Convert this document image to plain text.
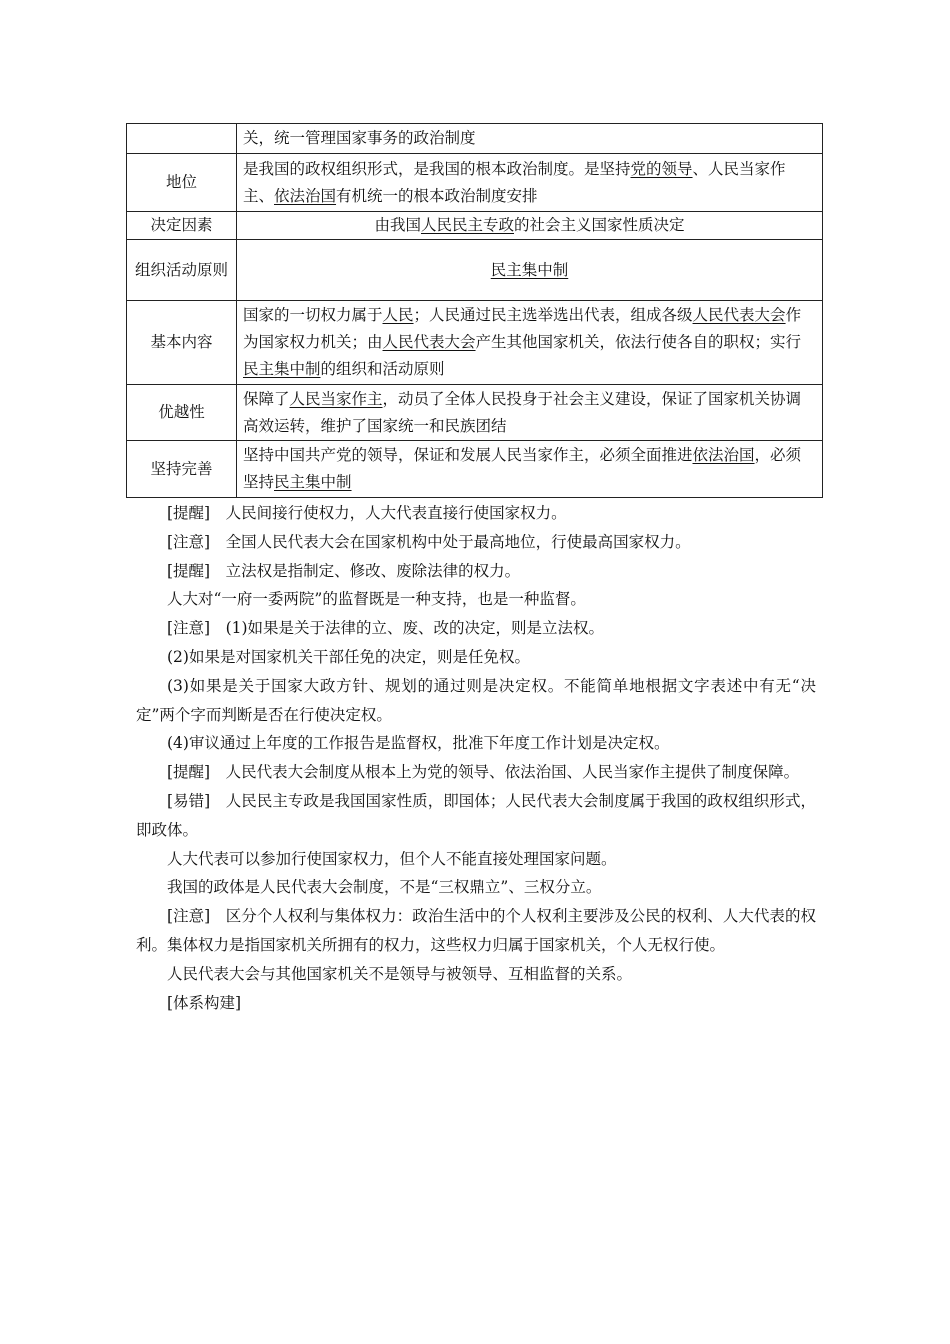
	关，统一管理国家事务的政治制度
地位	是我国的政权组织形式，是我国的根本政治制度。是坚持党的领导、人民当家作主、依法治国有机统一的根本政治制度安排
决定因素	由我国人民民主专政的社会主义国家性质决定
组织活动原则	民主集中制
基本内容	国家的一切权力属于人民；人民通过民主选举选出代表，组成各级人民代表大会作为国家权力机关；由人民代表大会产生其他国家机关，依法行使各自的职权；实行民主集中制的组织和活动原则
优越性	保障了人民当家作主，动员了全体人民投身于社会主义建设，保证了国家机关协调高效运转，维护了国家统一和民族团结
坚持完善	坚持中国共产党的领导，保证和发展人民当家作主，必须全面推进依法治国，必须坚持民主集中制

[提醒]　人民间接行使权力，人大代表直接行使国家权力。

[注意]　全国人民代表大会在国家机构中处于最高地位，行使最高国家权力。

[提醒]　立法权是指制定、修改、废除法律的权力。

人大对“一府一委两院”的监督既是一种支持，也是一种监督。

[注意]　(1)如果是关于法律的立、废、改的决定，则是立法权。

(2)如果是对国家机关干部任免的决定，则是任免权。

(3)如果是关于国家大政方针、规划的通过则是决定权。不能简单地根据文字表述中有无“决定”两个字而判断是否在行使决定权。

(4)审议通过上年度的工作报告是监督权，批准下年度工作计划是决定权。

[提醒]　人民代表大会制度从根本上为党的领导、依法治国、人民当家作主提供了制度保障。

[易错]　人民民主专政是我国国家性质，即国体；人民代表大会制度属于我国的政权组织形式，即政体。

人大代表可以参加行使国家权力，但个人不能直接处理国家问题。

我国的政体是人民代表大会制度，不是“三权鼎立”、三权分立。

[注意]　区分个人权利与集体权力：政治生活中的个人权利主要涉及公民的权利、人大代表的权利。集体权力是指国家机关所拥有的权力，这些权力归属于国家机关，个人无权行使。

人民代表大会与其他国家机关不是领导与被领导、互相监督的关系。

[体系构建]
